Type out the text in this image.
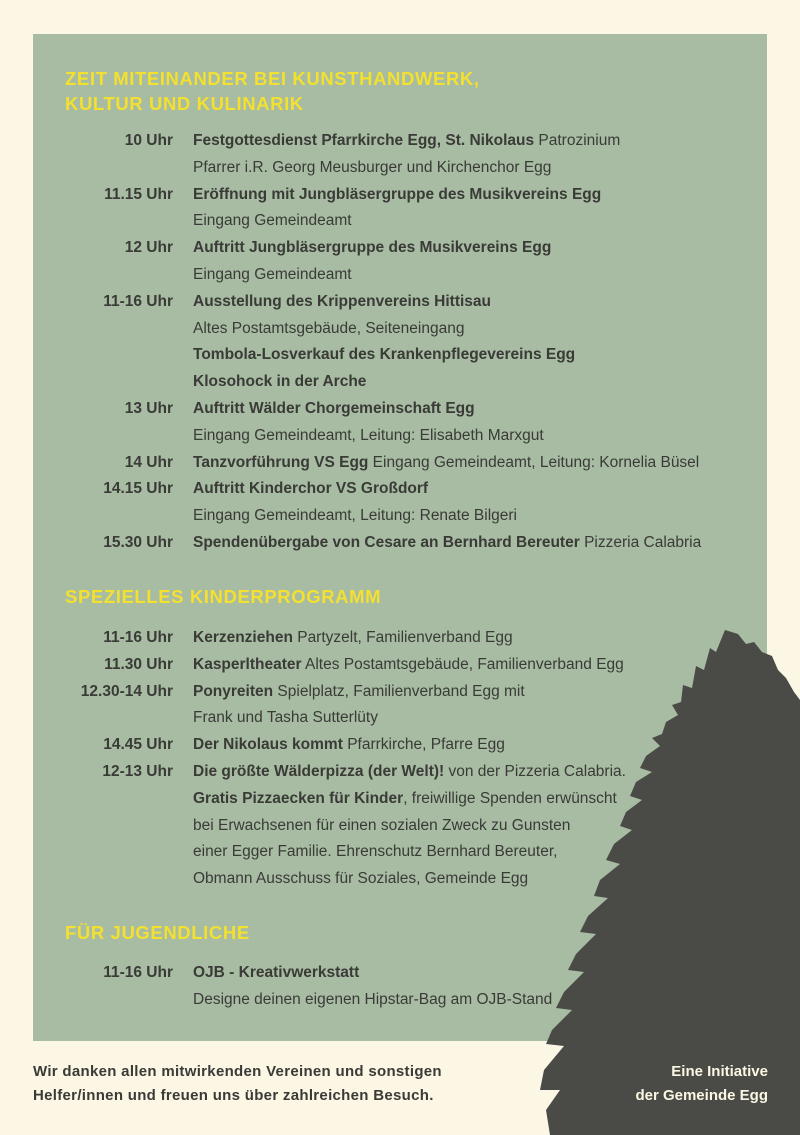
ZEIT MITEINANDER BEI KUNSTHANDWERK,
KULTUR UND KULINARIK
10 Uhr Festgottesdienst Pfarrkirche Egg, St. Nikolaus Patrozinium
Pfarrer i.R. Georg Meusburger und Kirchenchor Egg
11.15 Uhr Eröffnung mit Jungbläsergruppe des Musikvereins Egg
Eingang Gemeindeamt
12 Uhr Auftritt Jungbläsergruppe des Musikvereins Egg
Eingang Gemeindeamt
11-16 Uhr Ausstellung des Krippenvereins Hittisau
Altes Postamtsgebäude, Seiteneingang
Tombola-Losverkauf des Krankenpflegevereins Egg
Klosohock in der Arche
13 Uhr Auftritt Wälder Chorgemeinschaft Egg
Eingang Gemeindeamt, Leitung: Elisabeth Marxgut
14 Uhr Tanzvorführung VS Egg Eingang Gemeindeamt, Leitung: Kornelia Büsel
14.15 Uhr Auftritt Kinderchor VS Großdorf
Eingang Gemeindeamt, Leitung: Renate Bilgeri
15.30 Uhr Spendenübergabe von Cesare an Bernhard Bereuter Pizzeria Calabria
SPEZIELLES KINDERPROGRAMM
11-16 Uhr Kerzenziehen Partyzelt, Familienverband Egg
11.30 Uhr Kasperltheater Altes Postamtsgebäude, Familienverband Egg
12.30-14 Uhr Ponyreiten Spielplatz, Familienverband Egg mit
Frank und Tasha Sutterlüty
14.45 Uhr Der Nikolaus kommt Pfarrkirche, Pfarre Egg
12-13 Uhr Die größte Wälderpizza (der Welt)! von der Pizzeria Calabria.
Gratis Pizzaecken für Kinder, freiwillige Spenden erwünscht
bei Erwachsenen für einen sozialen Zweck zu Gunsten
einer Egger Familie. Ehrenschutz Bernhard Bereuter,
Obmann Ausschuss für Soziales, Gemeinde Egg
FÜR JUGENDLICHE
11-16 Uhr OJB - Kreativwerkstatt
Designe deinen eigenen Hipstar-Bag am OJB-Stand
Wir danken allen mitwirkenden Vereinen und sonstigen
Helfer/innen und freuen uns über zahlreichen Besuch.
Eine Initiative
der Gemeinde Egg
